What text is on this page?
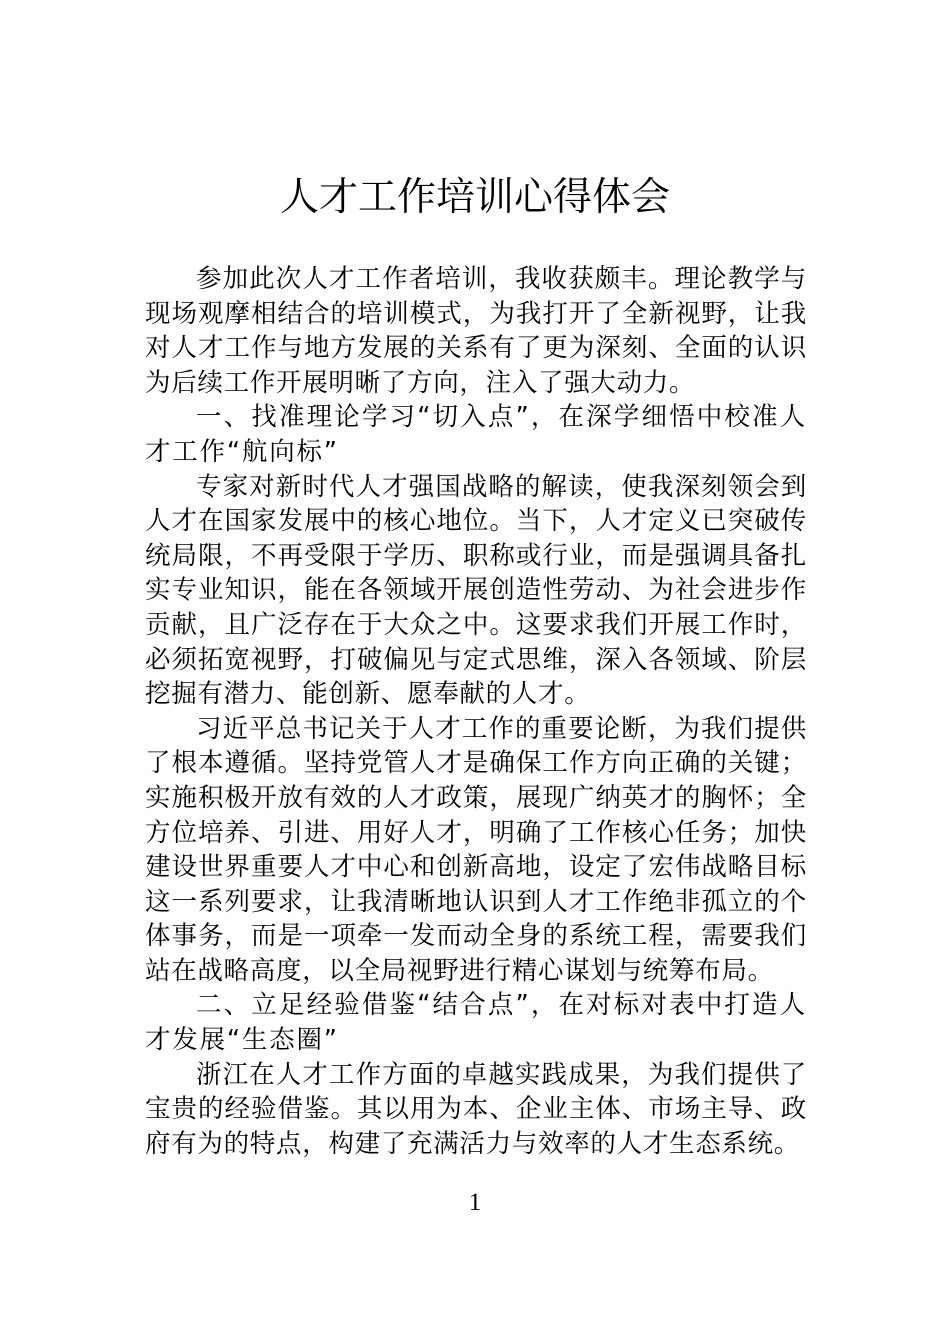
人才工作培训心得体会

参加此次人才工作者培训，我收获颇丰。理论教学与现场观摩相结合的培训模式，为我打开了全新视野，让我对人才工作与地方发展的关系有了更为深刻、全面的认识为后续工作开展明晰了方向，注入了强大动力。

一、找准理论学习“切入点”，在深学细悟中校准人才工作“航向标”

专家对新时代人才强国战略的解读，使我深刻领会到人才在国家发展中的核心地位。当下，人才定义已突破传统局限，不再受限于学历、职称或行业，而是强调具备扎实专业知识，能在各领域开展创造性劳动、为社会进步作贡献，且广泛存在于大众之中。这要求我们开展工作时，必须拓宽视野，打破偏见与定式思维，深入各领域、阶层挖掘有潜力、能创新、愿奉献的人才。

习近平总书记关于人才工作的重要论断，为我们提供了根本遵循。坚持党管人才是确保工作方向正确的关键；实施积极开放有效的人才政策，展现广纳英才的胸怀；全方位培养、引进、用好人才，明确了工作核心任务；加快建设世界重要人才中心和创新高地，设定了宏伟战略目标这一系列要求，让我清晰地认识到人才工作绝非孤立的个体事务，而是一项牵一发而动全身的系统工程，需要我们站在战略高度，以全局视野进行精心谋划与统筹布局。

二、立足经验借鉴“结合点”，在对标对表中打造人才发展“生态圈”

浙江在人才工作方面的卓越实践成果，为我们提供了宝贵的经验借鉴。其以用为本、企业主体、市场主导、政府有为的特点，构建了充满活力与效率的人才生态系统。

1
